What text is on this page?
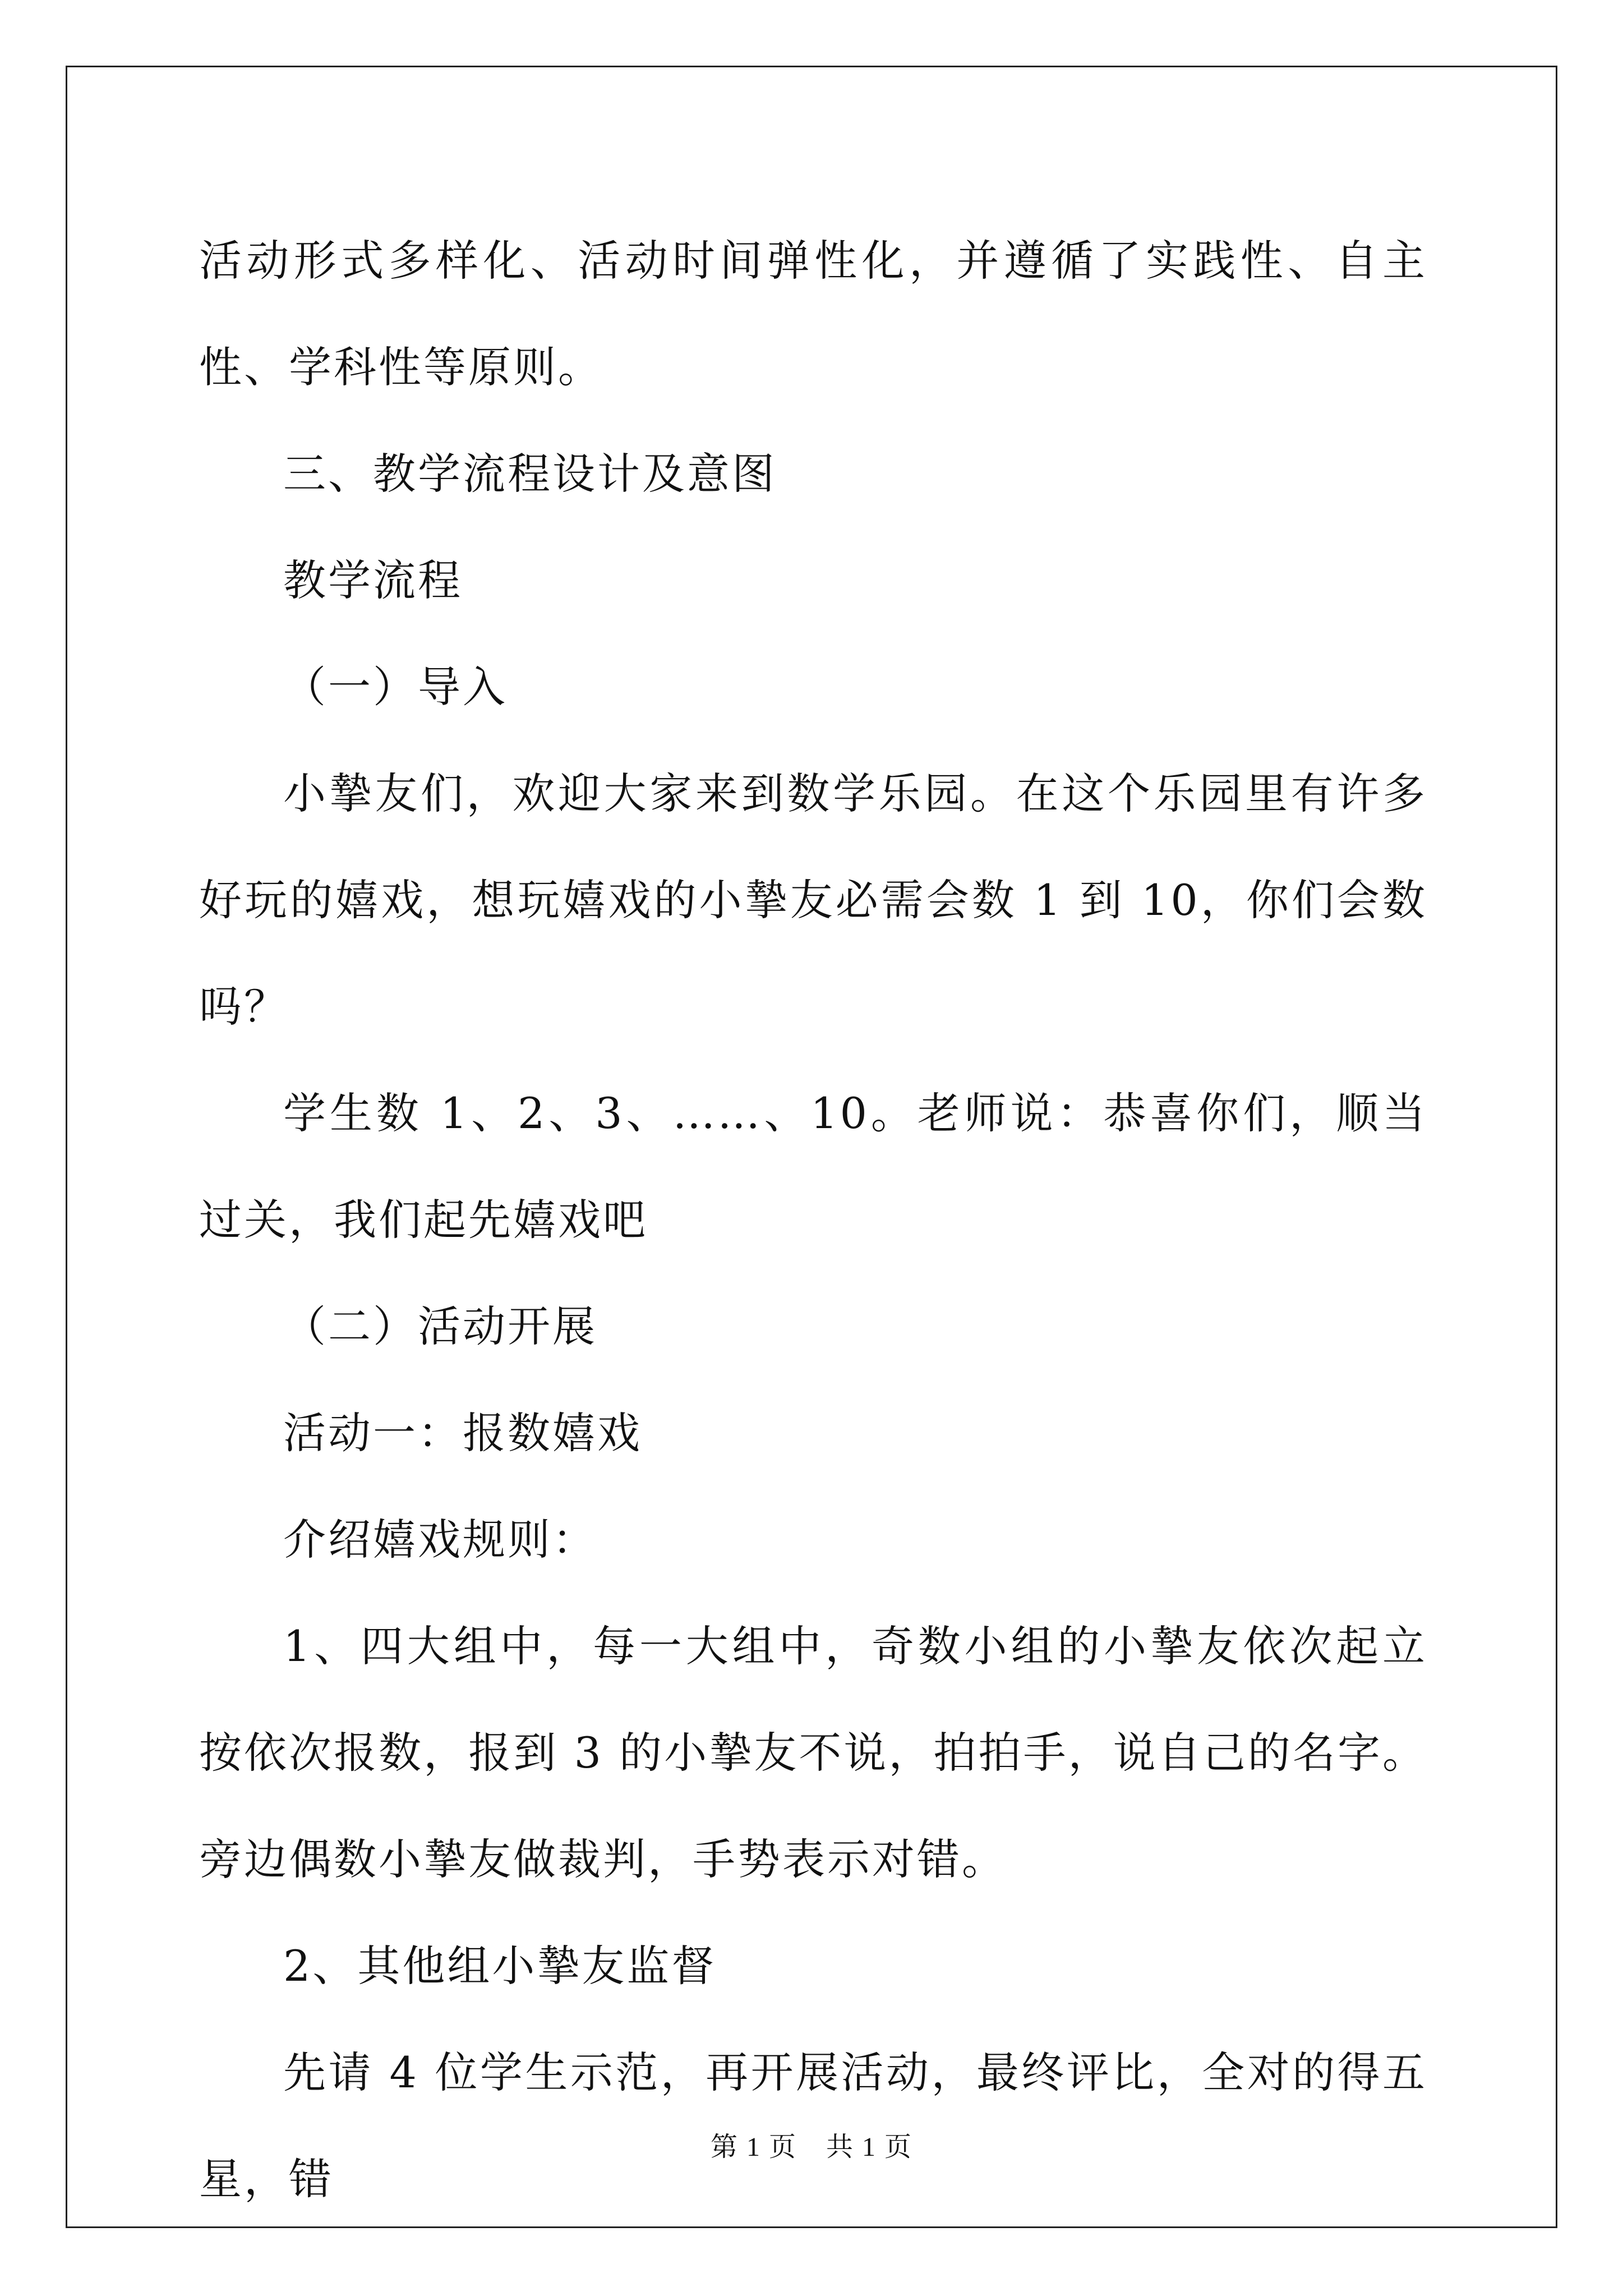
活动形式多样化、活动时间弹性化，并遵循了实践性、自主性、学科性等原则。

三、教学流程设计及意图

教学流程

（一）导入

小摯友们，欢迎大家来到数学乐园。在这个乐园里有许多好玩的嬉戏，想玩嬉戏的小摯友必需会数 1 到 10，你们会数吗？

学生数 1、2、3、……、10。老师说：恭喜你们，顺当过关，我们起先嬉戏吧

（二）活动开展

活动一：报数嬉戏

介绍嬉戏规则：

1、四大组中，每一大组中，奇数小组的小摯友依次起立按依次报数，报到 3 的小摯友不说，拍拍手，说自己的名字。旁边偶数小摯友做裁判，手势表示对错。

2、其他组小摯友监督

先请 4 位学生示范，再开展活动，最终评比，全对的得五星，错

第 1 页 共 1 页
